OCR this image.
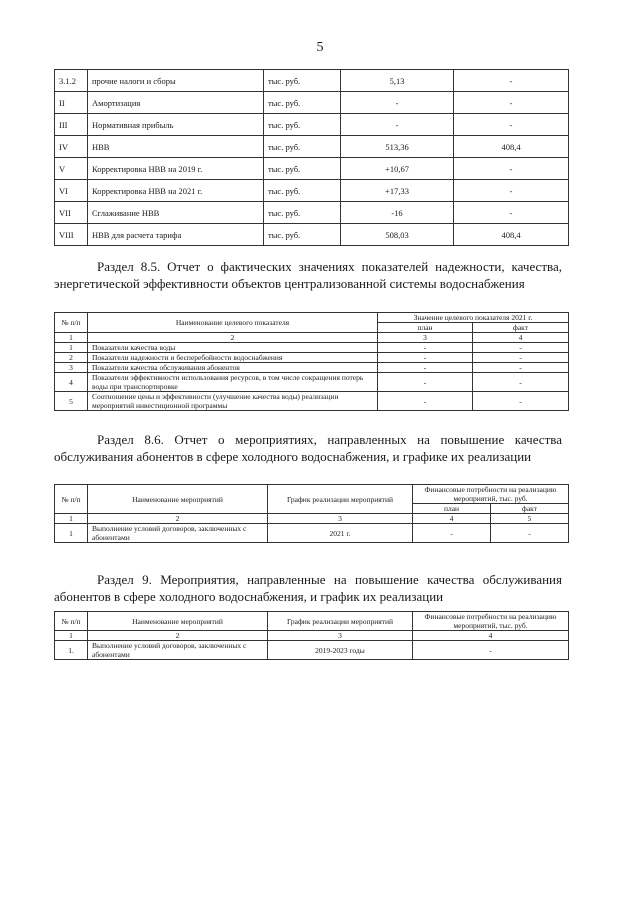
5
3.1.2	прочие налоги и сборы	тыс. руб.	5,13	-
II	Амортизация	тыс. руб.	-	-
III	Нормативная прибыль	тыс. руб.	-	-
IV	НВВ	тыс. руб.	513,36	408,4
V	Корректировка НВВ на 2019 г.	тыс. руб.	+10,67	-
VI	Корректировка НВВ на 2021 г.	тыс. руб.	+17,33	-
VII	Сглаживание НВВ	тыс. руб.	-16	-
VIII	НВВ для расчета тарифа	тыс. руб.	508,03	408,4
Раздел 8.5. Отчет о фактических значениях показателей надежности, качества, энергетической эффективности объектов централизованной системы водоснабжения
№ п/п	Наименование целевого показателя	Значение целевого показателя 2021 г.	
		план	факт
1	2	3	4
1	Показатели качества воды	-	-
2	Показатели надежности и бесперебойности водоснабжения	-	-
3	Показатели качества обслуживания абонентов	-	-
4	Показатели эффективности использования ресурсов, в том числе сокращения потерь воды при транспортировке	-	-
5	Соотношение цены и эффективности (улучшение качества воды) реализации мероприятий инвестиционной программы	-	-
Раздел 8.6. Отчет о мероприятиях, направленных на повышение качества обслуживания абонентов в сфере холодного водоснабжения, и графике их реализации
№ п/п	Наименование мероприятий	График реализации мероприятий	Финансовые потребности на реализацию мероприятий, тыс. руб.	
			план	факт
1	2	3	4	5
1	Выполнение условий договоров, заключенных с абонентами	2021 г.	-	-
Раздел 9. Мероприятия, направленные на повышение качества обслуживания абонентов в сфере холодного водоснабжения, и график их реализации
№ п/п	Наименование мероприятий	График реализации мероприятий	Финансовые потребности на реализацию мероприятий, тыс. руб.
1	2	3	4
1.	Выполнение условий договоров, заключенных с абонентами	2019-2023 годы	-
